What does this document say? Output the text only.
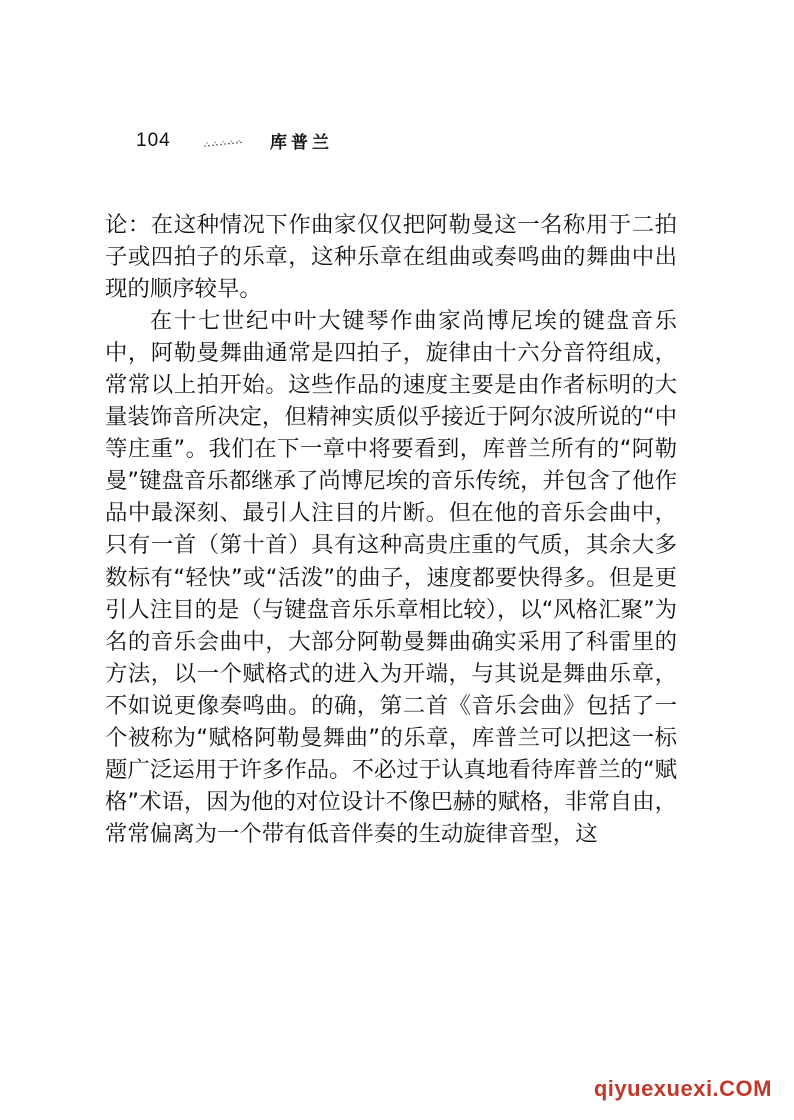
104	库普兰

论：在这种情况下作曲家仅仅把阿勒曼这一名称用于二拍子或四拍子的乐章，这种乐章在组曲或奏鸣曲的舞曲中出现的顺序较早。

在十七世纪中叶大键琴作曲家尚博尼埃的键盘音乐中，阿勒曼舞曲通常是四拍子，旋律由十六分音符组成，常常以上拍开始。这些作品的速度主要是由作者标明的大量装饰音所决定，但精神实质似乎接近于阿尔波所说的“中等庄重”。我们在下一章中将要看到，库普兰所有的“阿勒曼”键盘音乐都继承了尚博尼埃的音乐传统，并包含了他作品中最深刻、最引人注目的片断。但在他的音乐会曲中，只有一首（第十首）具有这种高贵庄重的气质，其余大多数标有“轻快”或“活泼”的曲子，速度都要快得多。但是更引人注目的是（与键盘音乐乐章相比较），以“风格汇聚”为名的音乐会曲中，大部分阿勒曼舞曲确实采用了科雷里的方法，以一个赋格式的进入为开端，与其说是舞曲乐章，不如说更像奏鸣曲。的确，第二首《音乐会曲》包括了一个被称为“赋格阿勒曼舞曲”的乐章，库普兰可以把这一标题广泛运用于许多作品。不必过于认真地看待库普兰的“赋格”术语，因为他的对位设计不像巴赫的赋格，非常自由，常常偏离为一个带有低音伴奏的生动旋律音型，这

qiyuexuexi.COM
